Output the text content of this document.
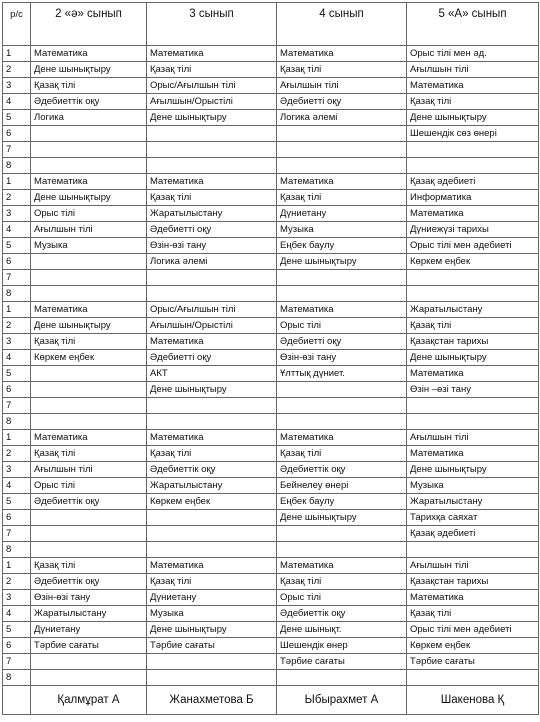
р/с	2 «ә» сынып	3 сынып	4 сынып	5 «А» сынып
1	Математика	Математика	Математика	Орыс тілі мен әд.
2	Дене шынықтыру	Қазақ тілі	Қазақ тілі	Ағылшын тілі
3	Қазақ тілі	Орыс/Ағылшын тілі	Ағылшын тілі	Математика
4	Әдебиеттік оқу	Ағылшын/Орыстілі	Әдебиетті оқу	Қазақ тілі
5	Логика	Дене шынықтыру	Логика әлемі	Дене шынықтыру
6				Шешендік сөз өнері
7				
8				
1	Математика	Математика	Математика	Қазақ әдебиеті
2	Дене шынықтыру	Қазақ тілі	Қазақ тілі	Информатика
3	Орыс тілі	Жаратылыстану	Дүниетану	Математика
4	Ағылшын тілі	Әдебиетті оқу	Музыка	Дүниежүзі тарихы
5	Музыка	Өзін-өзі тану	Еңбек баулу	Орыс тілі мен әдебиеті
6		Логика әлемі	Дене шынықтыру	Көркем еңбек
7				
8				
1	Математика	Орыс/Ағылшын тілі	Математика	Жаратылыстану
2	Дене шынықтыру	Ағылшын/Орыстілі	Орыс тілі	Қазақ тілі
3	Қазақ тілі	Математика	Әдебиетті оқу	Қазақстан тарихы
4	Көркем еңбек	Әдебиетті оқу	Өзін-өзі тану	Дене шынықтыру
5		АКТ	Ұлттық дүниет.	Математика
6		Дене шынықтыру		Өзін –өзі тану
7				
8				
1	Математика	Математика	Математика	Ағылшын тілі
2	Қазақ тілі	Қазақ тілі	Қазақ тілі	Математика
3	Ағылшын тілі	Әдебиеттік оқу	Әдебиеттік оқу	Дене шынықтыру
4	Орыс тілі	Жаратылыстану	Бейнелеу өнері	Музыка
5	Әдебиеттік оқу	Көркем еңбек	Еңбек баулу	Жаратылыстану
6			Дене шынықтыру	Тарихқа саяхат
7				Қазақ әдебиеті
8				
1	Қазақ тілі	Математика	Математика	Ағылшын тілі
2	Әдебиеттік оқу	Қазақ тілі	Қазақ тілі	Қазақстан тарихы
3	Өзін-өзі тану	Дүниетану	Орыс тілі	Математика
4	Жаратылыстану	Музыка	Әдебиеттік оқу	Қазақ тілі
5	Дүниетану	Дене шынықтыру	Дене шынықт.	Орыс тілі мен әдебиеті
6	Тәрбие сағаты	Тәрбие сағаты	Шешендік өнер	Көркем еңбек
7			Тәрбие сағаты	Тәрбие сағаты
8				
	Қалмұрат А	Жанахметова Б	Ыбырахмет А	Шакенова Қ
